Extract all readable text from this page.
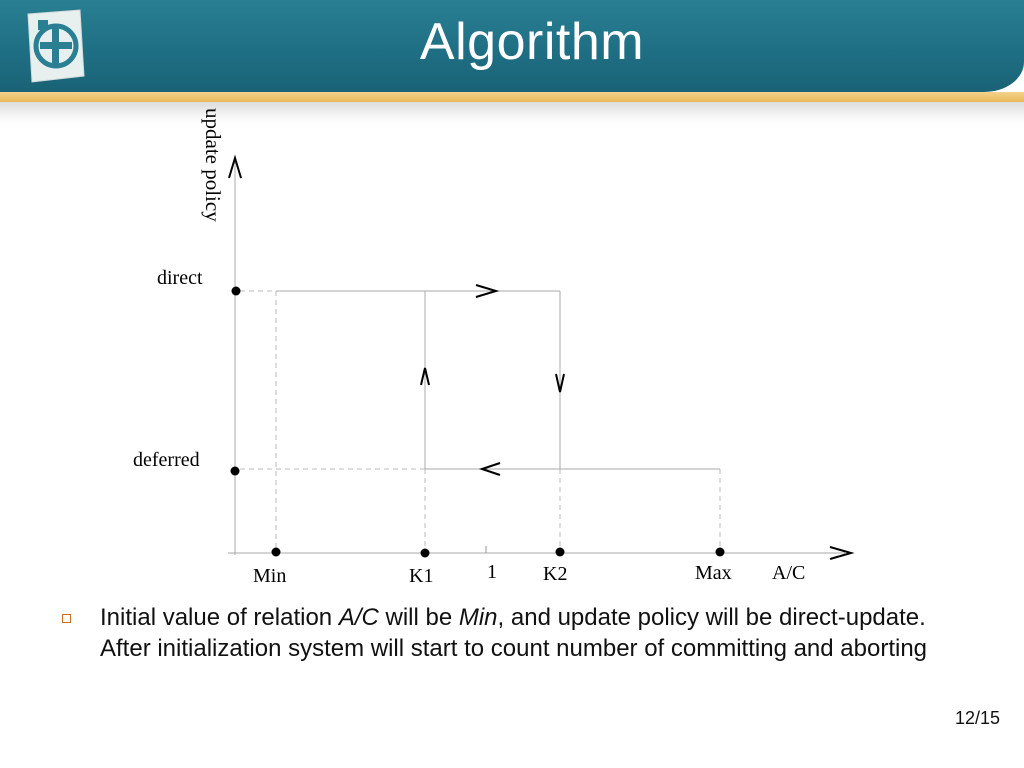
Algorithm
update policy
direct
deferred
Min	K1	1 K2	Max A/C
Initial value of relation A/C will be Min, and update policy will be direct-update. After initialization system will start to count number of committing and aborting
12/15
